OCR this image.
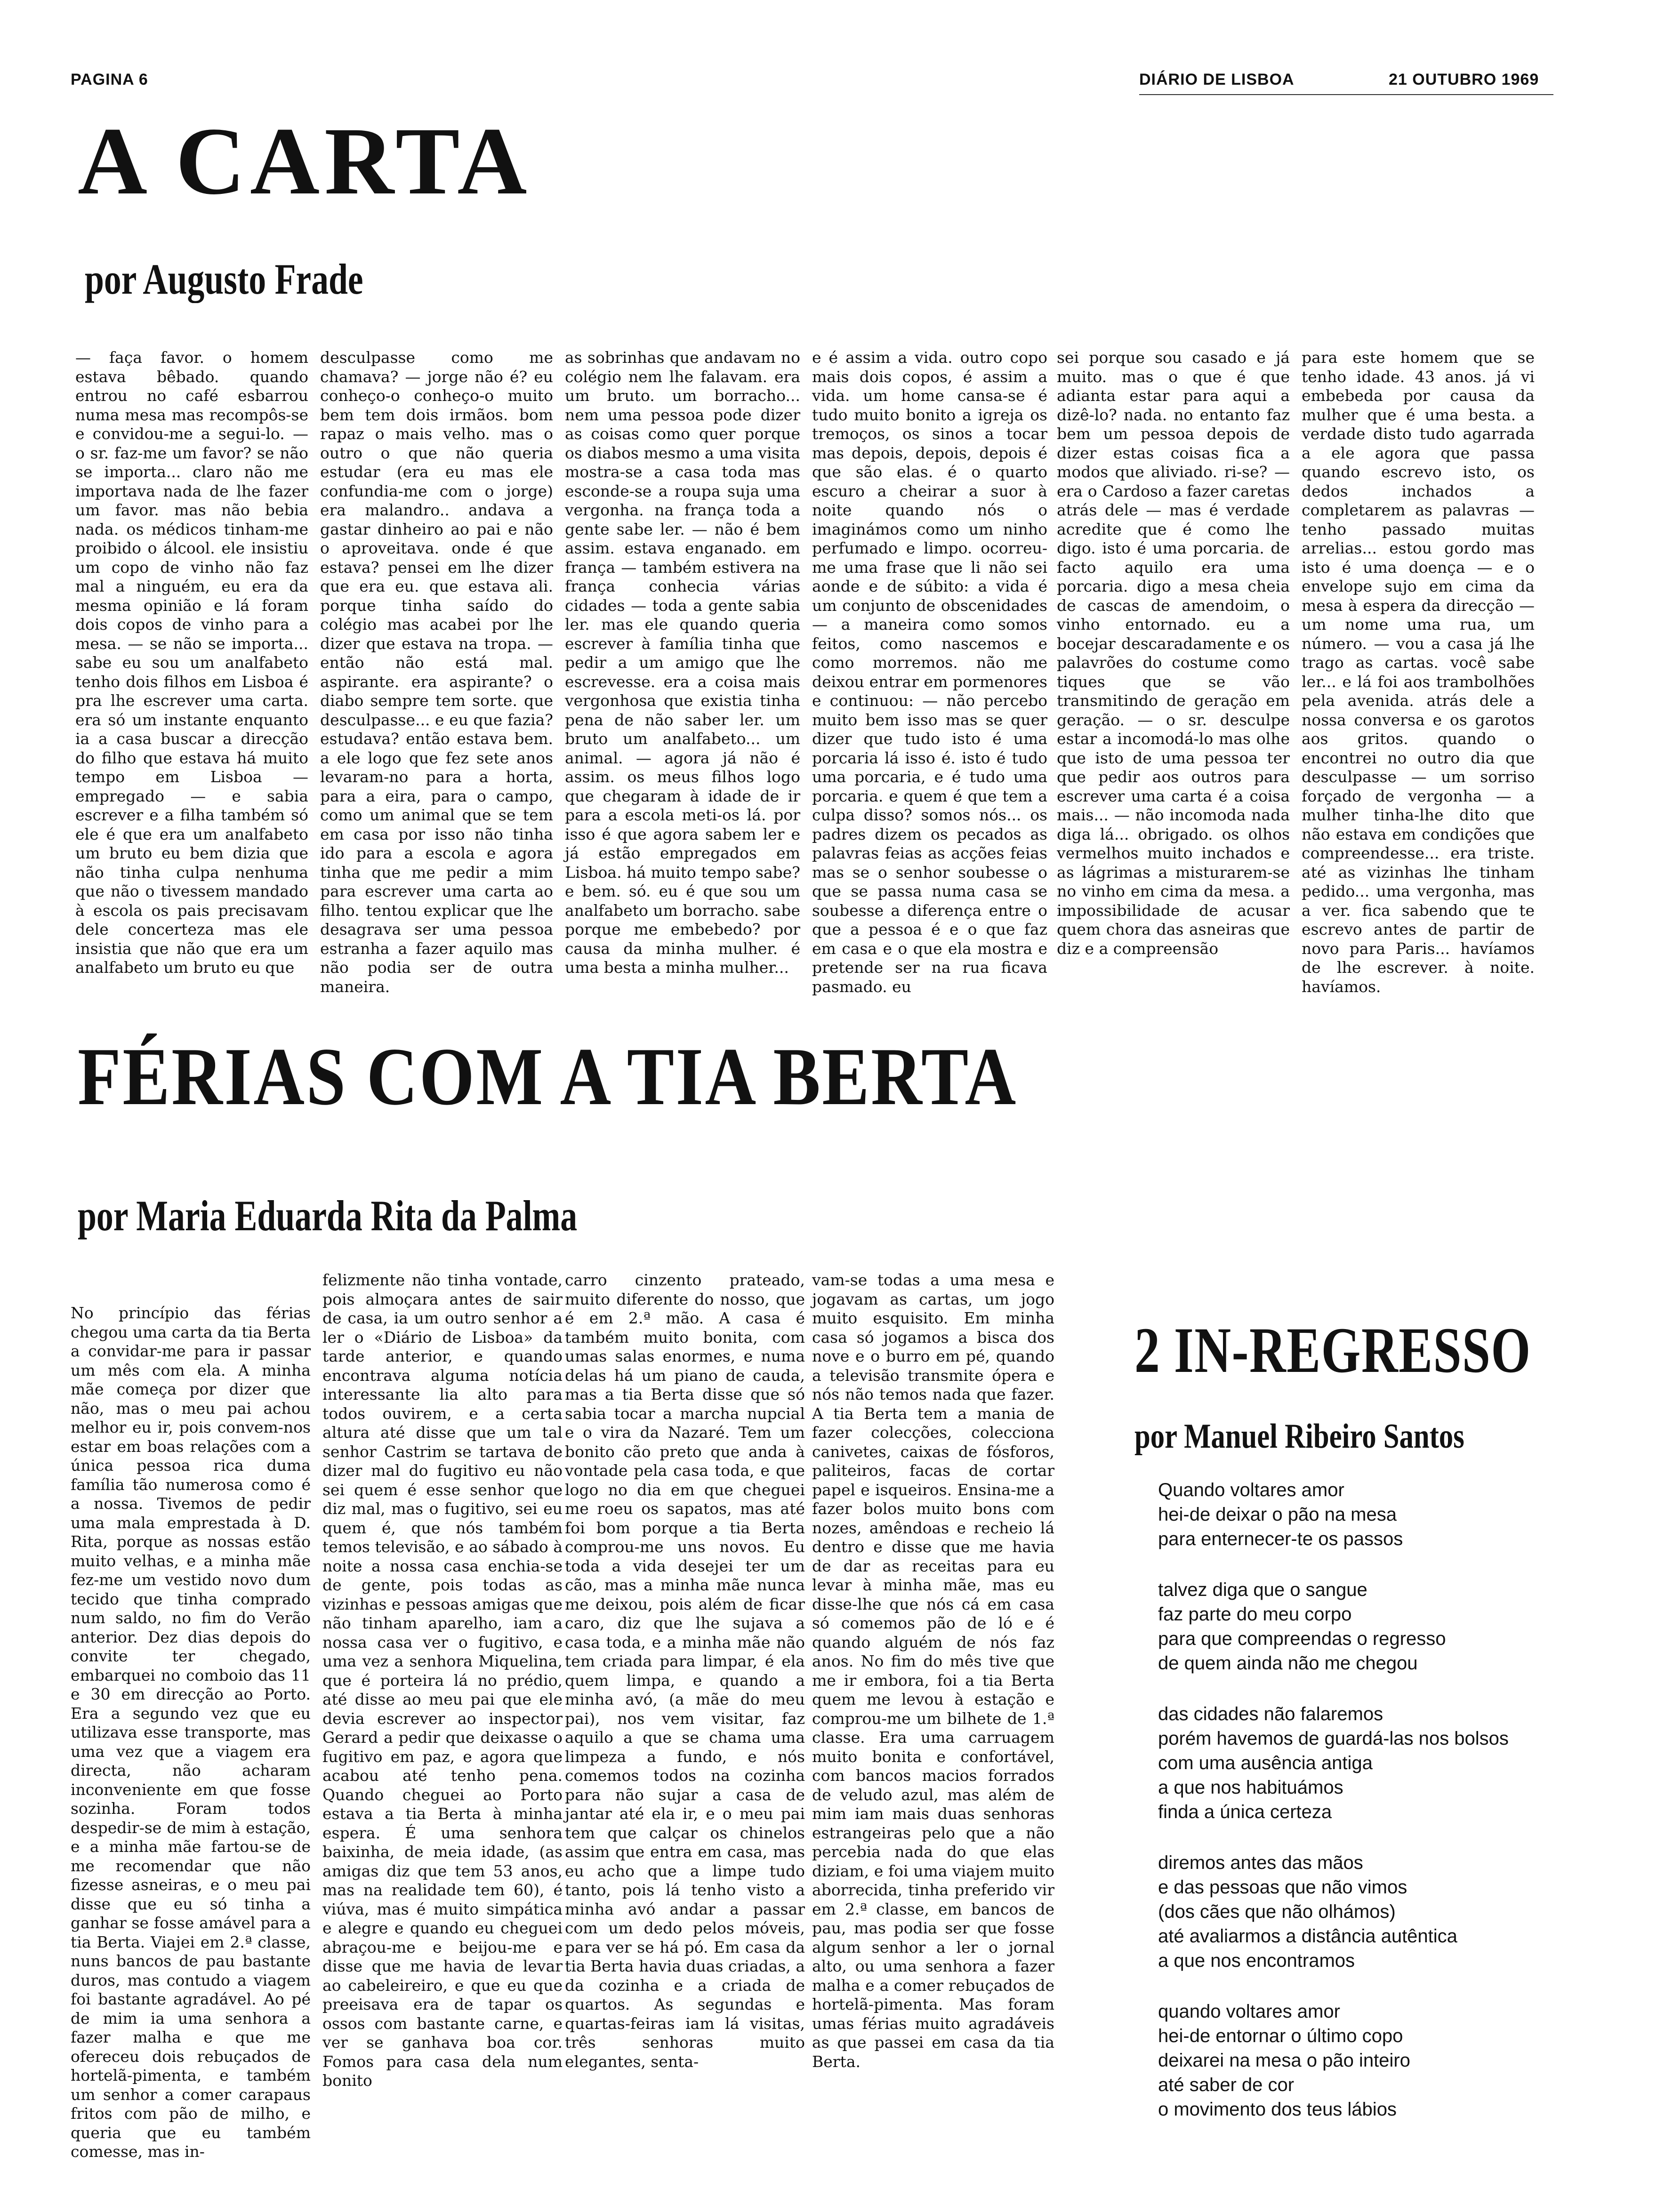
PAGINA 6	DIÁRIO DE LISBOA	21 OUTUBRO 1969
A CARTA
por Augusto Frade
— faça favor. o homem estava bêbado. quando entrou no café esbarrou numa mesa mas recompôs-se e convidou-me a segui-lo. — o sr. faz-me um favor? se não se importa... claro não me importava nada de lhe fazer um favor. mas não bebia nada. os médicos tinham-me proibido o álcool. ele insistiu um copo de vinho não faz mal a ninguém, eu era da mesma opinião e lá foram dois copos de vinho para a mesa. — se não se importa... sabe eu sou um analfabeto tenho dois filhos em Lisboa é pra lhe escrever uma carta. era só um instante enquanto ia a casa buscar a direcção do filho que estava há muito tempo em Lisboa — empregado — e sabia escrever e a filha também só ele é que era um analfabeto um bruto eu bem dizia que não tinha culpa nenhuma que não o tivessem mandado à escola os pais precisavam dele concerteza mas ele insistia que não que era um analfabeto um bruto eu que
desculpasse como me chamava? — jorge não é? eu conheço-o conheço-o muito bem tem dois irmãos. bom rapaz o mais velho. mas o outro o que não queria estudar (era eu mas ele confundia-me com o jorge) era malandro.. andava a gastar dinheiro ao pai e não o aproveitava. onde é que estava? pensei em lhe dizer que era eu. que estava ali. porque tinha saído do colégio mas acabei por lhe dizer que estava na tropa. — então não está mal. aspirante. era aspirante? o diabo sempre tem sorte. que desculpasse... e eu que fazia? estudava? então estava bem. a ele logo que fez sete anos levaram-no para a horta, para a eira, para o campo, como um animal que se tem em casa por isso não tinha ido para a escola e agora tinha que me pedir a mim para escrever uma carta ao filho. tentou explicar que lhe desagrava ser uma pessoa estranha a fazer aquilo mas não podia ser de outra maneira.
as sobrinhas que andavam no colégio nem lhe falavam. era um bruto. um borracho... nem uma pessoa pode dizer as coisas como quer porque os diabos mesmo a uma visita mostra-se a casa toda mas esconde-se a roupa suja uma vergonha. na frança toda a gente sabe ler. — não é bem assim. estava enganado. em frança — também estivera na frança conhecia várias cidades — toda a gente sabia ler. mas ele quando queria escrever à família tinha que pedir a um amigo que lhe escrevesse. era a coisa mais vergonhosa que existia tinha pena de não saber ler. um bruto um analfabeto... um animal. — agora já não é assim. os meus filhos logo que chegaram à idade de ir para a escola meti-os lá. por isso é que agora sabem ler e já estão empregados em Lisboa. há muito tempo sabe? e bem. só. eu é que sou um analfabeto um borracho. sabe porque me embebedo? por causa da minha mulher. é uma besta a minha mulher...
e é assim a vida. outro copo mais dois copos, é assim a vida. um home cansa-se é tudo muito bonito a igreja os tremoços, os sinos a tocar mas depois, depois, depois é que são elas. é o quarto escuro a cheirar a suor à noite quando nós o imaginámos como um ninho perfumado e limpo. ocorreu-me uma frase que li não sei aonde e de súbito: a vida é um conjunto de obscenidades — a maneira como somos feitos, como nascemos e como morremos. não me deixou entrar em pormenores e continuou: — não percebo muito bem isso mas se quer dizer que tudo isto é uma porcaria lá isso é. isto é tudo uma porcaria, e é tudo uma porcaria. e quem é que tem a culpa disso? somos nós... os padres dizem os pecados as palavras feias as acções feias mas se o senhor soubesse o que se passa numa casa se soubesse a diferença entre o que a pessoa é e o que faz em casa e o que ela mostra e pretende ser na rua ficava pasmado. eu
sei porque sou casado e já muito. mas o que é que adianta estar para aqui a dizê-lo? nada. no entanto faz bem um pessoa depois de dizer estas coisas fica a modos que aliviado. ri-se? — era o Cardoso a fazer caretas atrás dele — mas é verdade acredite que é como lhe digo. isto é uma porcaria. de facto aquilo era uma porcaria. digo a mesa cheia de cascas de amendoim, o vinho entornado. eu a bocejar descaradamente e os palavrões do costume como tiques que se vão transmitindo de geração em geração. — o sr. desculpe estar a incomodá-lo mas olhe que isto de uma pessoa ter que pedir aos outros para escrever uma carta é a coisa mais... — não incomoda nada diga lá... obrigado. os olhos vermelhos muito inchados e as lágrimas a misturarem-se no vinho em cima da mesa. a impossibilidade de acusar quem chora das asneiras que diz e a compreensão
para este homem que se tenho idade. 43 anos. já vi embebeda por causa da mulher que é uma besta. a verdade disto tudo agarrada a ele agora que passa quando escrevo isto, os dedos inchados a completarem as palavras — tenho passado muitas arrelias... estou gordo mas isto é uma doença — e o envelope sujo em cima da mesa à espera da direcção — um nome uma rua, um número. — vou a casa já lhe trago as cartas. você sabe ler... e lá foi aos trambolhões pela avenida. atrás dele a nossa conversa e os garotos aos gritos. quando o encontrei no outro dia que desculpasse — um sorriso forçado de vergonha — a mulher tinha-lhe dito que não estava em condições que compreendesse... era triste. até as vizinhas lhe tinham pedido... uma vergonha, mas a ver. fica sabendo que te escrevo antes de partir de novo para Paris... havíamos de lhe escrever. à noite. havíamos.
FÉRIAS COM A TIA BERTA
por Maria Eduarda Rita da Palma
No princípio das férias chegou uma carta da tia Berta a convidar-me para ir passar um mês com ela. A minha mãe começa por dizer que não, mas o meu pai achou melhor eu ir, pois convem-nos estar em boas relações com a única pessoa rica duma família tão numerosa como é a nossa. Tivemos de pedir uma mala emprestada à D. Rita, porque as nossas estão muito velhas, e a minha mãe fez-me um vestido novo dum tecido que tinha comprado num saldo, no fim do Verão anterior. Dez dias depois do convite ter chegado, embarquei no comboio das 11 e 30 em direcção ao Porto. Era a segundo vez que eu utilizava esse transporte, mas uma vez que a viagem era directa, não acharam inconveniente em que fosse sozinha. Foram todos despedir-se de mim à estação, e a minha mãe fartou-se de me recomendar que não fizesse asneiras, e o meu pai disse que eu só tinha a ganhar se fosse amável para a tia Berta. Viajei em 2.ª classe, nuns bancos de pau bastante duros, mas contudo a viagem foi bastante agradável. Ao pé de mim ia uma senhora a fazer malha e que me ofereceu dois rebuçados de hortelã-pimenta, e também um senhor a comer carapaus fritos com pão de milho, e queria que eu também comesse, mas in-
felizmente não tinha vontade, pois almoçara antes de sair de casa, ia um outro senhor a ler o «Diário de Lisboa» da tarde anterior, e quando encontrava alguma notícia interessante lia alto para todos ouvirem, e a certa altura até disse que um tal senhor Castrim se tartava de dizer mal do fugitivo eu não sei quem é esse senhor que diz mal, mas o fugitivo, sei eu quem é, que nós também temos televisão, e ao sábado à noite a nossa casa enchia-se de gente, pois todas as vizinhas e pessoas amigas que não tinham aparelho, iam a nossa casa ver o fugitivo, e uma vez a senhora Miquelina, que é porteira lá no prédio, até disse ao meu pai que ele devia escrever ao inspector Gerard a pedir que deixasse o fugitivo em paz, e agora que acabou até tenho pena. Quando cheguei ao Porto estava a tia Berta à minha espera. É uma senhora baixinha, de meia idade, (as amigas diz que tem 53 anos, mas na realidade tem 60), é viúva, mas é muito simpática e alegre e quando eu cheguei abraçou-me e beijou-me e disse que me havia de levar ao cabeleireiro, e que eu que preeisava era de tapar os ossos com bastante carne, e ver se ganhava boa cor. Fomos para casa dela num bonito
carro cinzento prateado, muito diferente do nosso, que é em 2.ª mão. A casa é também muito bonita, com umas salas enormes, e numa delas há um piano de cauda, mas a tia Berta disse que só sabia tocar a marcha nupcial e o vira da Nazaré. Tem um bonito cão preto que anda à vontade pela casa toda, e que logo no dia em que cheguei me roeu os sapatos, mas até foi bom porque a tia Berta comprou-me uns novos. Eu toda a vida desejei ter um cão, mas a minha mãe nunca me deixou, pois além de ficar caro, diz que lhe sujava a casa toda, e a minha mãe não tem criada para limpar, é ela quem limpa, e quando a minha avó, (a mãe do meu pai), nos vem visitar, faz aquilo a que se chama uma limpeza a fundo, e nós comemos todos na cozinha para não sujar a casa de jantar até ela ir, e o meu pai tem que calçar os chinelos assim que entra em casa, mas eu acho que a limpe tudo tanto, pois lá tenho visto a minha avó andar a passar com um dedo pelos móveis, para ver se há pó. Em casa da tia Berta havia duas criadas, a da cozinha e a criada de quartos. As segundas e quartas-feiras iam lá visitas, três senhoras muito elegantes, senta-
vam-se todas a uma mesa e jogavam as cartas, um jogo muito esquisito. Em minha casa só jogamos a bisca dos nove e o burro em pé, quando a televisão transmite ópera e nós não temos nada que fazer. A tia Berta tem a mania de fazer colecções, colecciona canivetes, caixas de fósforos, paliteiros, facas de cortar papel e isqueiros. Ensina-me a fazer bolos muito bons com nozes, amêndoas e recheio lá dentro e disse que me havia de dar as receitas para eu levar à minha mãe, mas eu disse-lhe que nós cá em casa só comemos pão de ló e é quando alguém de nós faz anos. No fim do mês tive que me ir embora, foi a tia Berta quem me levou à estação e comprou-me um bilhete de 1.ª classe. Era uma carruagem muito bonita e confortável, com bancos macios forrados de veludo azul, mas além de mim iam mais duas senhoras estrangeiras pelo que a não percebia nada do que elas diziam, e foi uma viajem muito aborrecida, tinha preferido vir em 2.ª classe, em bancos de pau, mas podia ser que fosse algum senhor a ler o jornal alto, ou uma senhora a fazer malha e a comer rebuçados de hortelã-pimenta. Mas foram umas férias muito agradáveis as que passei em casa da tia Berta.
2 IN-REGRESSO
por Manuel Ribeiro Santos
Quando voltares amor
hei-de deixar o pão na mesa
para enternecer-te os passos
talvez diga que o sangue
faz parte do meu corpo
para que compreendas o regresso
de quem ainda não me chegou
das cidades não falaremos
porém havemos de guardá-las nos bolsos
com uma ausência antiga
a que nos habituámos
finda a única certeza
diremos antes das mãos
e das pessoas que não vimos
(dos cães que não olhámos)
até avaliarmos a distância autêntica
a que nos encontramos
quando voltares amor
hei-de entornar o último copo
deixarei na mesa o pão inteiro
até saber de cor
o movimento dos teus lábios
